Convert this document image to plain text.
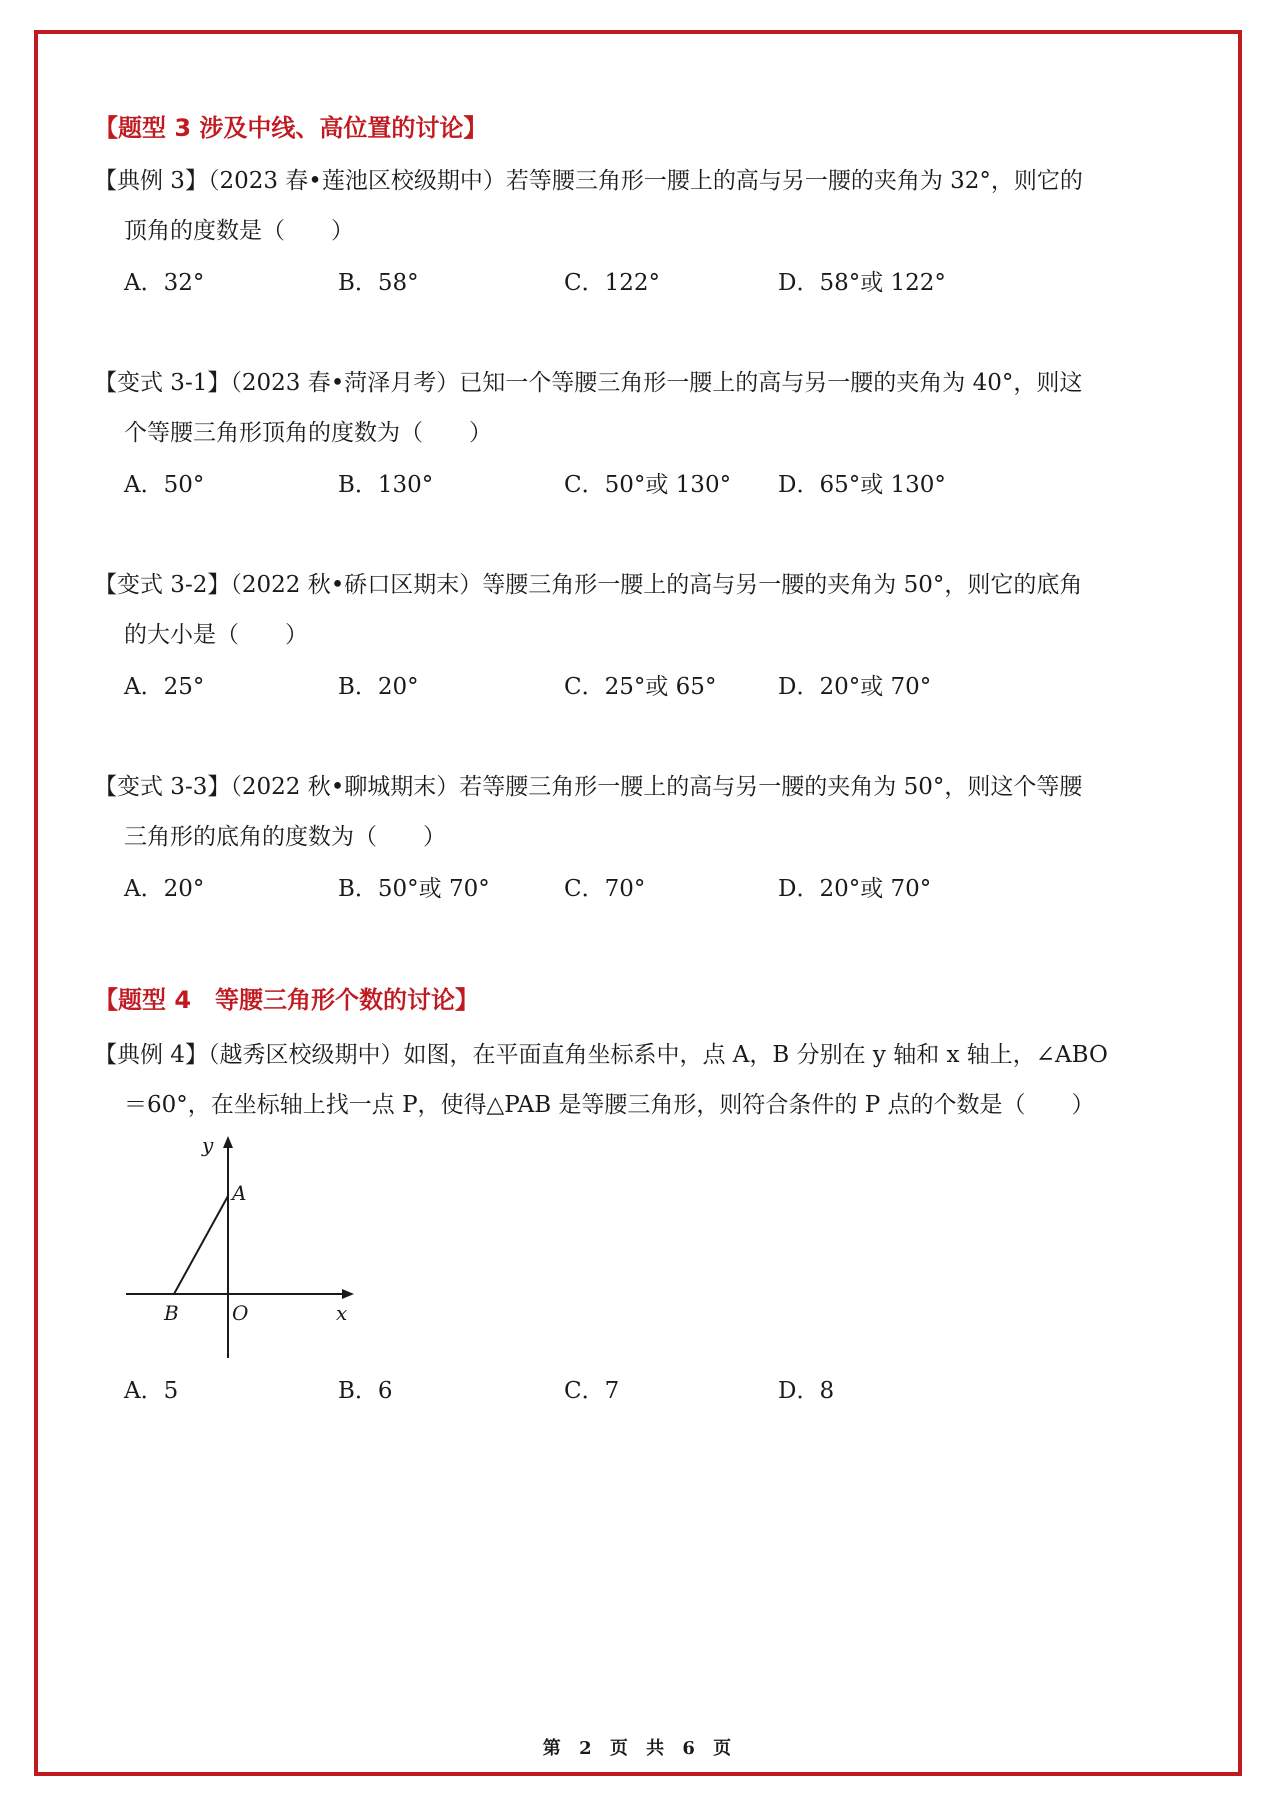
【题型 3 涉及中线、高位置的讨论】
【典例 3】（2023 春•莲池区校级期中）若等腰三角形一腰上的高与另一腰的夹角为 32°，则它的
顶角的度数是（　　）
A．32°	B．58°	C．122°	D．58°或 122°
【变式 3-1】（2023 春•菏泽月考）已知一个等腰三角形一腰上的高与另一腰的夹角为 40°，则这
个等腰三角形顶角的度数为（　　）
A．50°	B．130°	C．50°或 130° D．65°或 130°
【变式 3-2】（2022 秋•硚口区期末）等腰三角形一腰上的高与另一腰的夹角为 50°，则它的底角
的大小是（　　）
A．25°	B．20°	C．25°或 65°	D．20°或 70°
【变式 3-3】（2022 秋•聊城期末）若等腰三角形一腰上的高与另一腰的夹角为 50°，则这个等腰
三角形的底角的度数为（　　）
A．20°	B．50°或 70°	C．70°	D．20°或 70°
【题型 4　等腰三角形个数的讨论】
【典例 4】（越秀区校级期中）如图，在平面直角坐标系中，点 A，B 分别在 y 轴和 x 轴上，∠ABO
＝60°，在坐标轴上找一点 P，使得△PAB 是等腰三角形，则符合条件的 P 点的个数是（　　）
y
A
B	O	x
A．5	B．6	C．7	D．8
第 2 页 共 6 页
